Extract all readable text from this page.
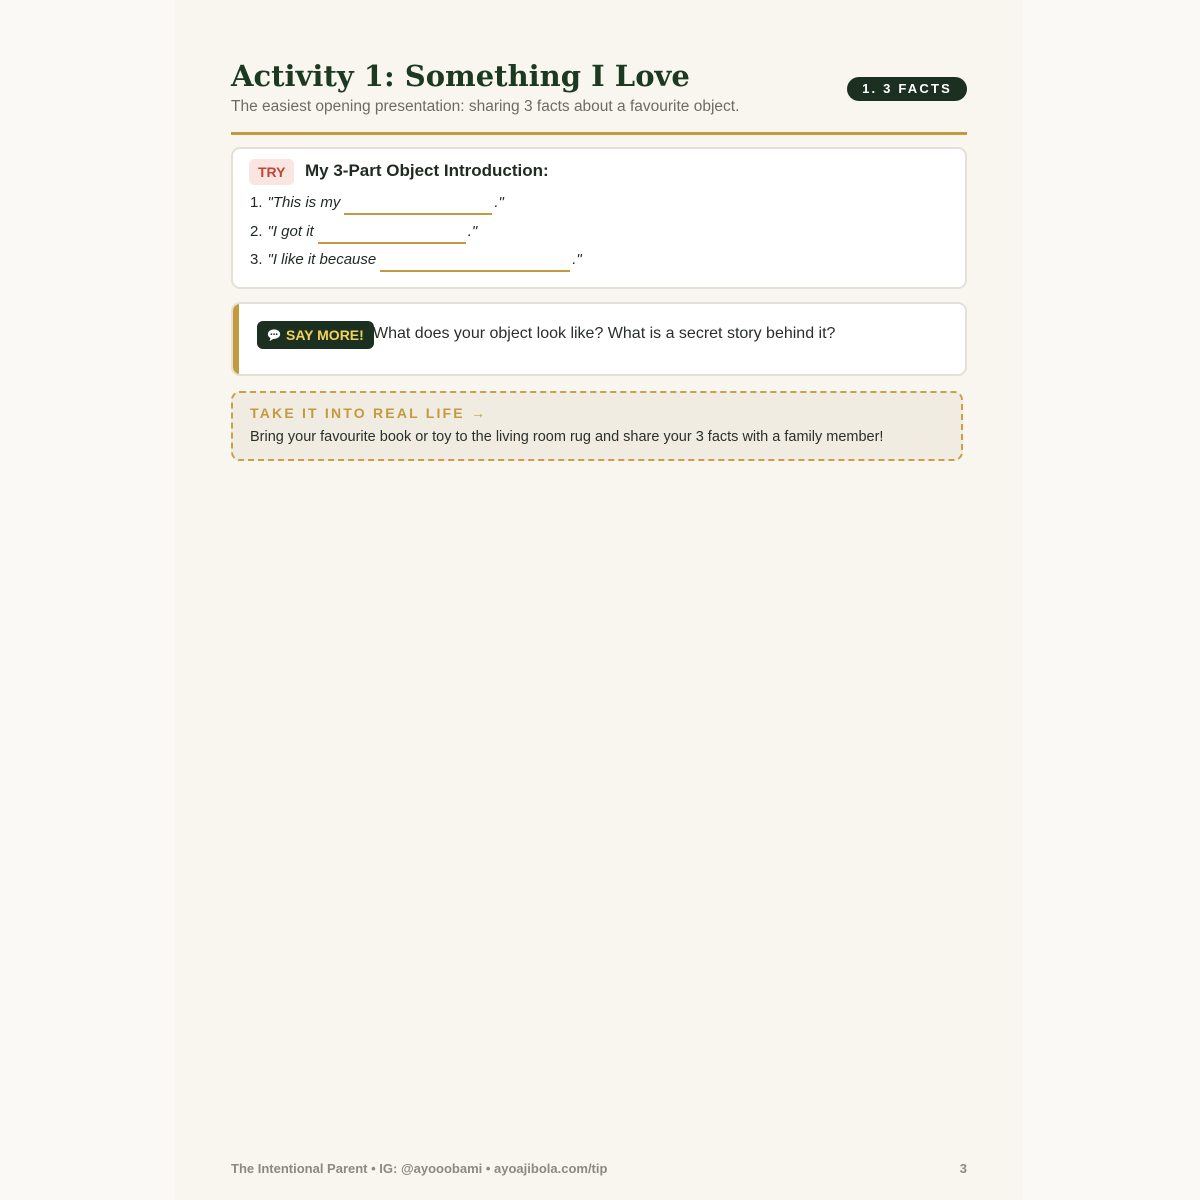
Activity 1: Something I Love
The easiest opening presentation: sharing 3 facts about a favourite object.
1. 3 FACTS
TRY	My 3-Part Object Introduction:
1. "This is my	."
2. "I got it	."
3. "I like it because	."
SAY MORE! What does your object look like? What is a secret story behind it?
TAKE IT INTO REAL LIFE →
Bring your favourite book or toy to the living room rug and share your 3 facts with a family member!
The Intentional Parent • IG: @ayooobami • ayoajibola.com/tip	3
